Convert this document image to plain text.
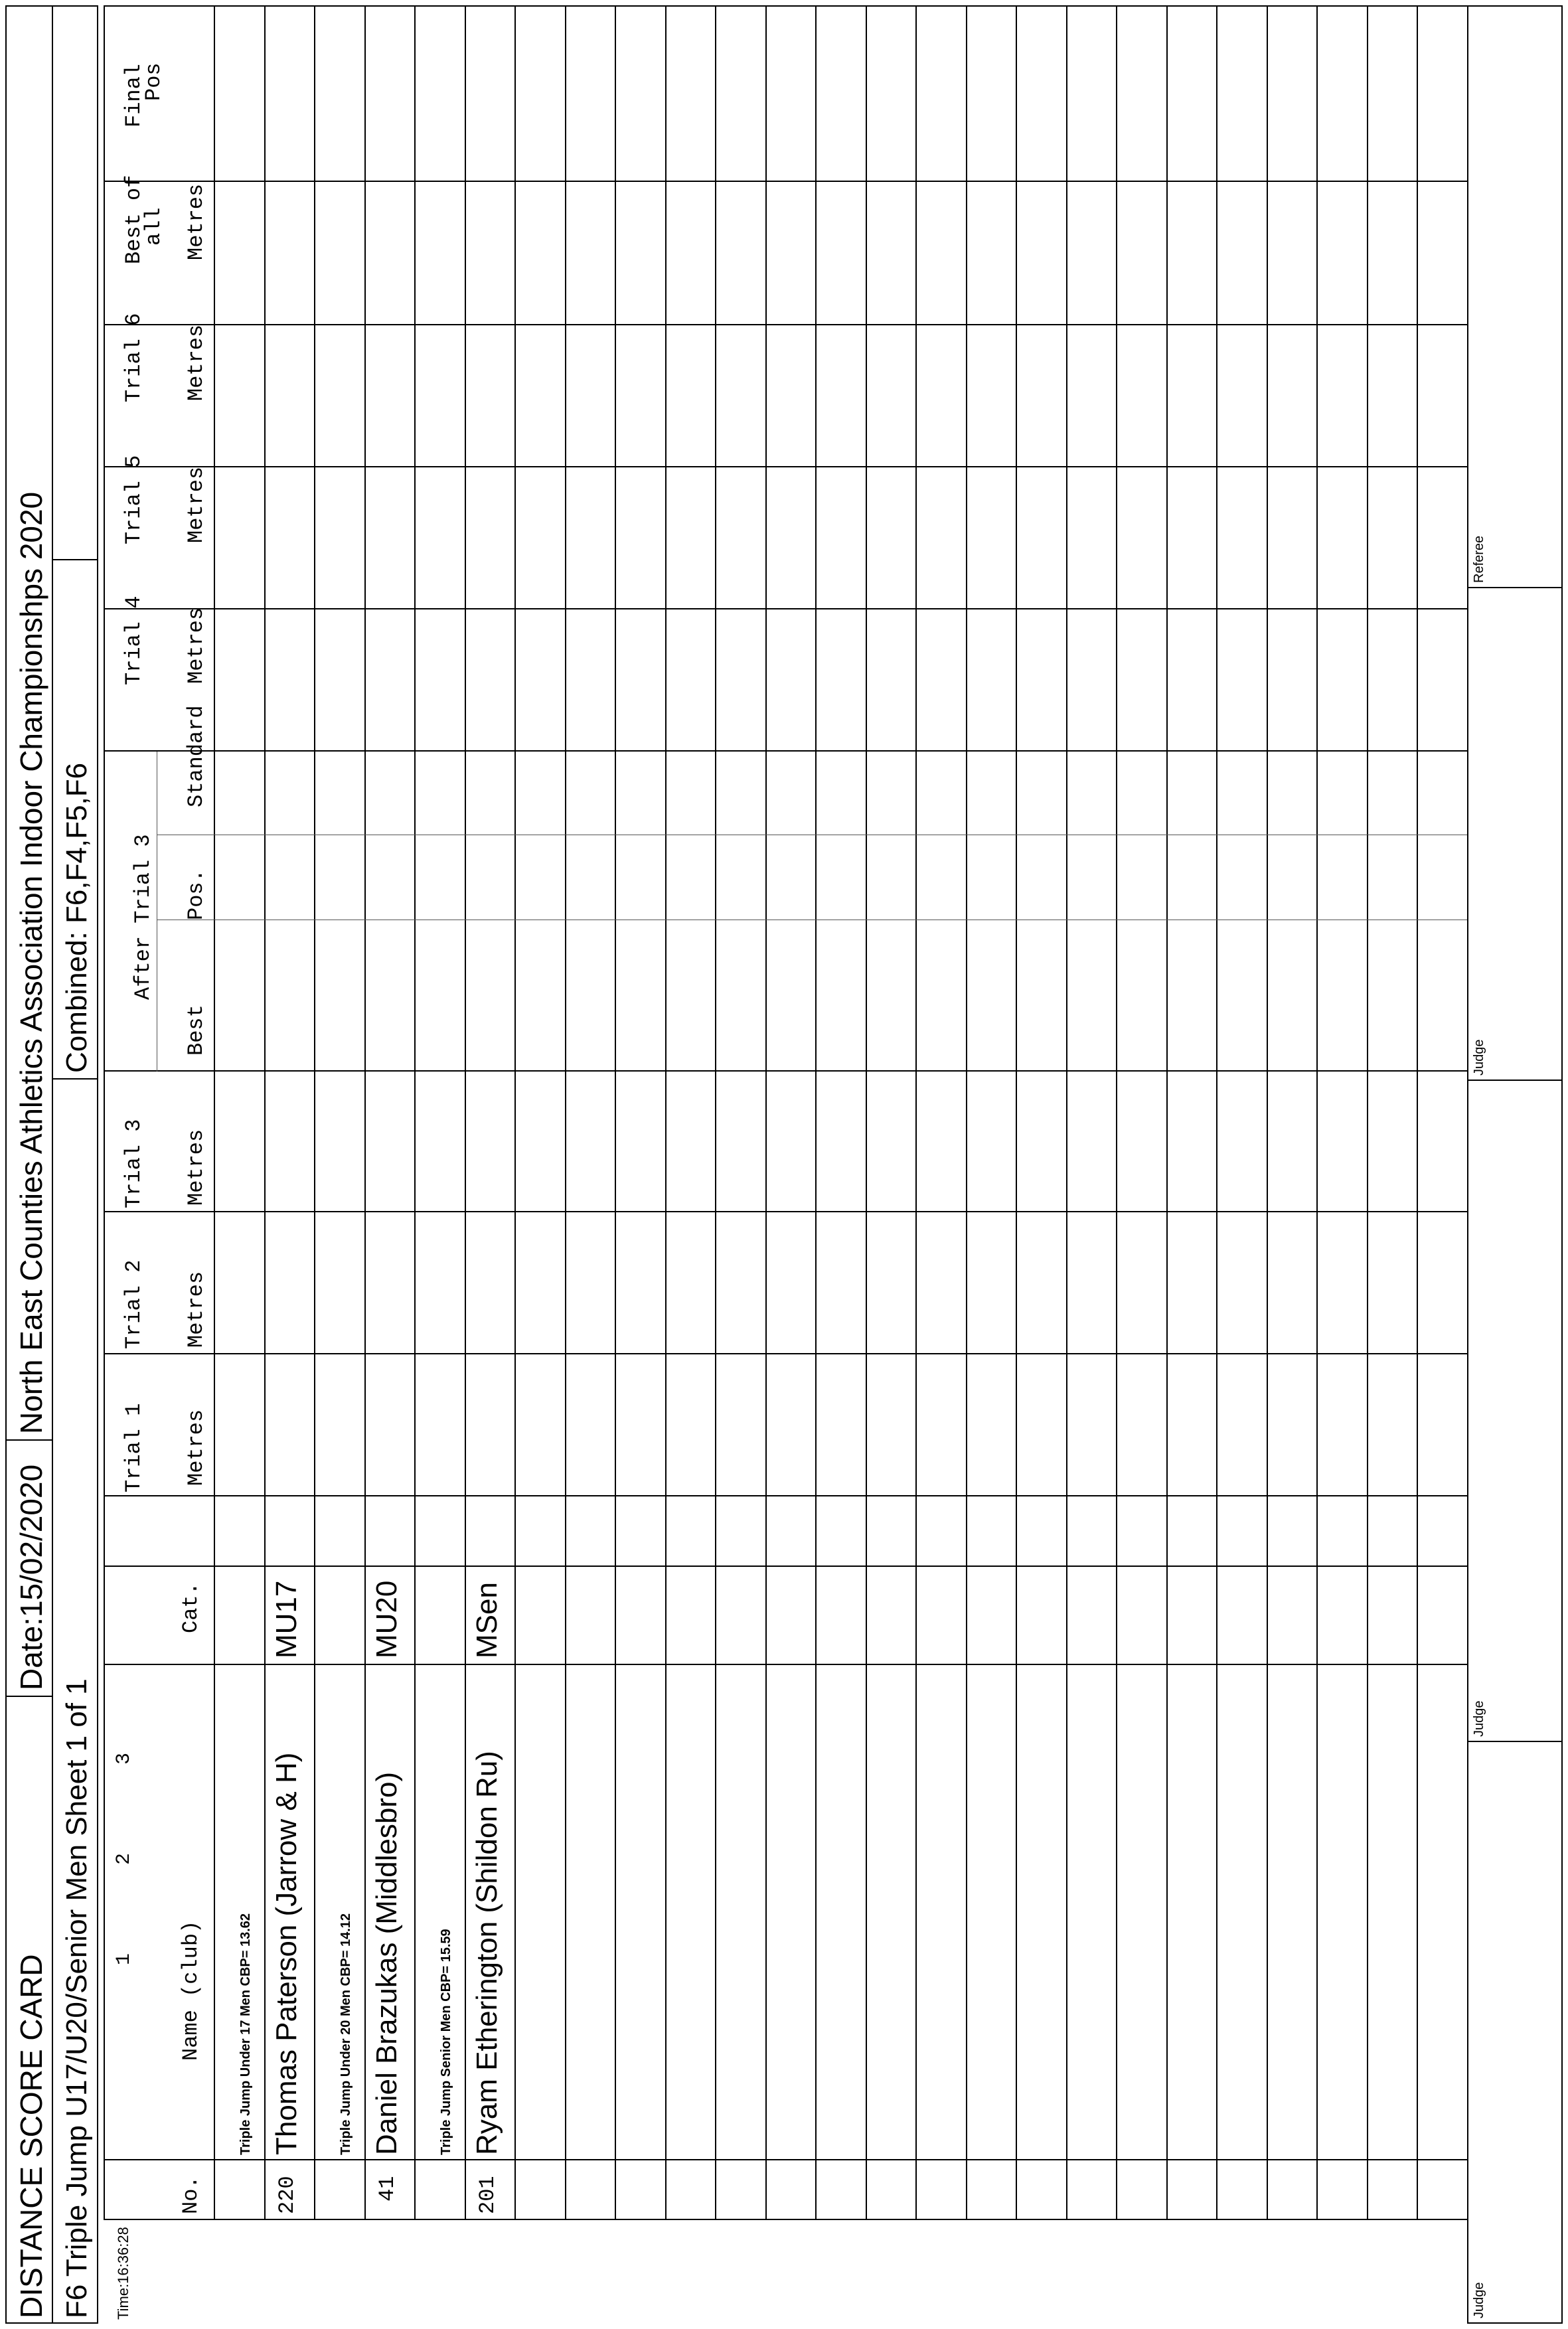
DISTANCE SCORE CARD
Date:15/02/2020
North East Counties Athletics Association Indoor Championshps 2020
F6 Triple Jump U17/U20/Senior Men Sheet 1 of 1
Combined: F6,F4,F5,F6
Judge
Judge
Judge
Referee
Time:16:36:28
1
2
3
No.
Name (club)
Cat.
Trial 1 Metres
Trial 2 Metres
Trial 3 Metres
After Trial 3
Best
Pos.
Standard
Trial 4 Metres
Trial 5 Metres
Trial 6 Metres
Best of
all Metres
Final
Pos
Triple Jump Under 17 Men CBP= 13.62	Triple Jump Under 20 Men CBP= 14.12	Triple Jump Senior Men CBP= 15.59
220
Thomas Paterson (Jarrow & H)
MU17
41
Daniel Brazukas (Middlesbro)
MU20
201
Ryam Etherington (Shildon Ru)
MSen
